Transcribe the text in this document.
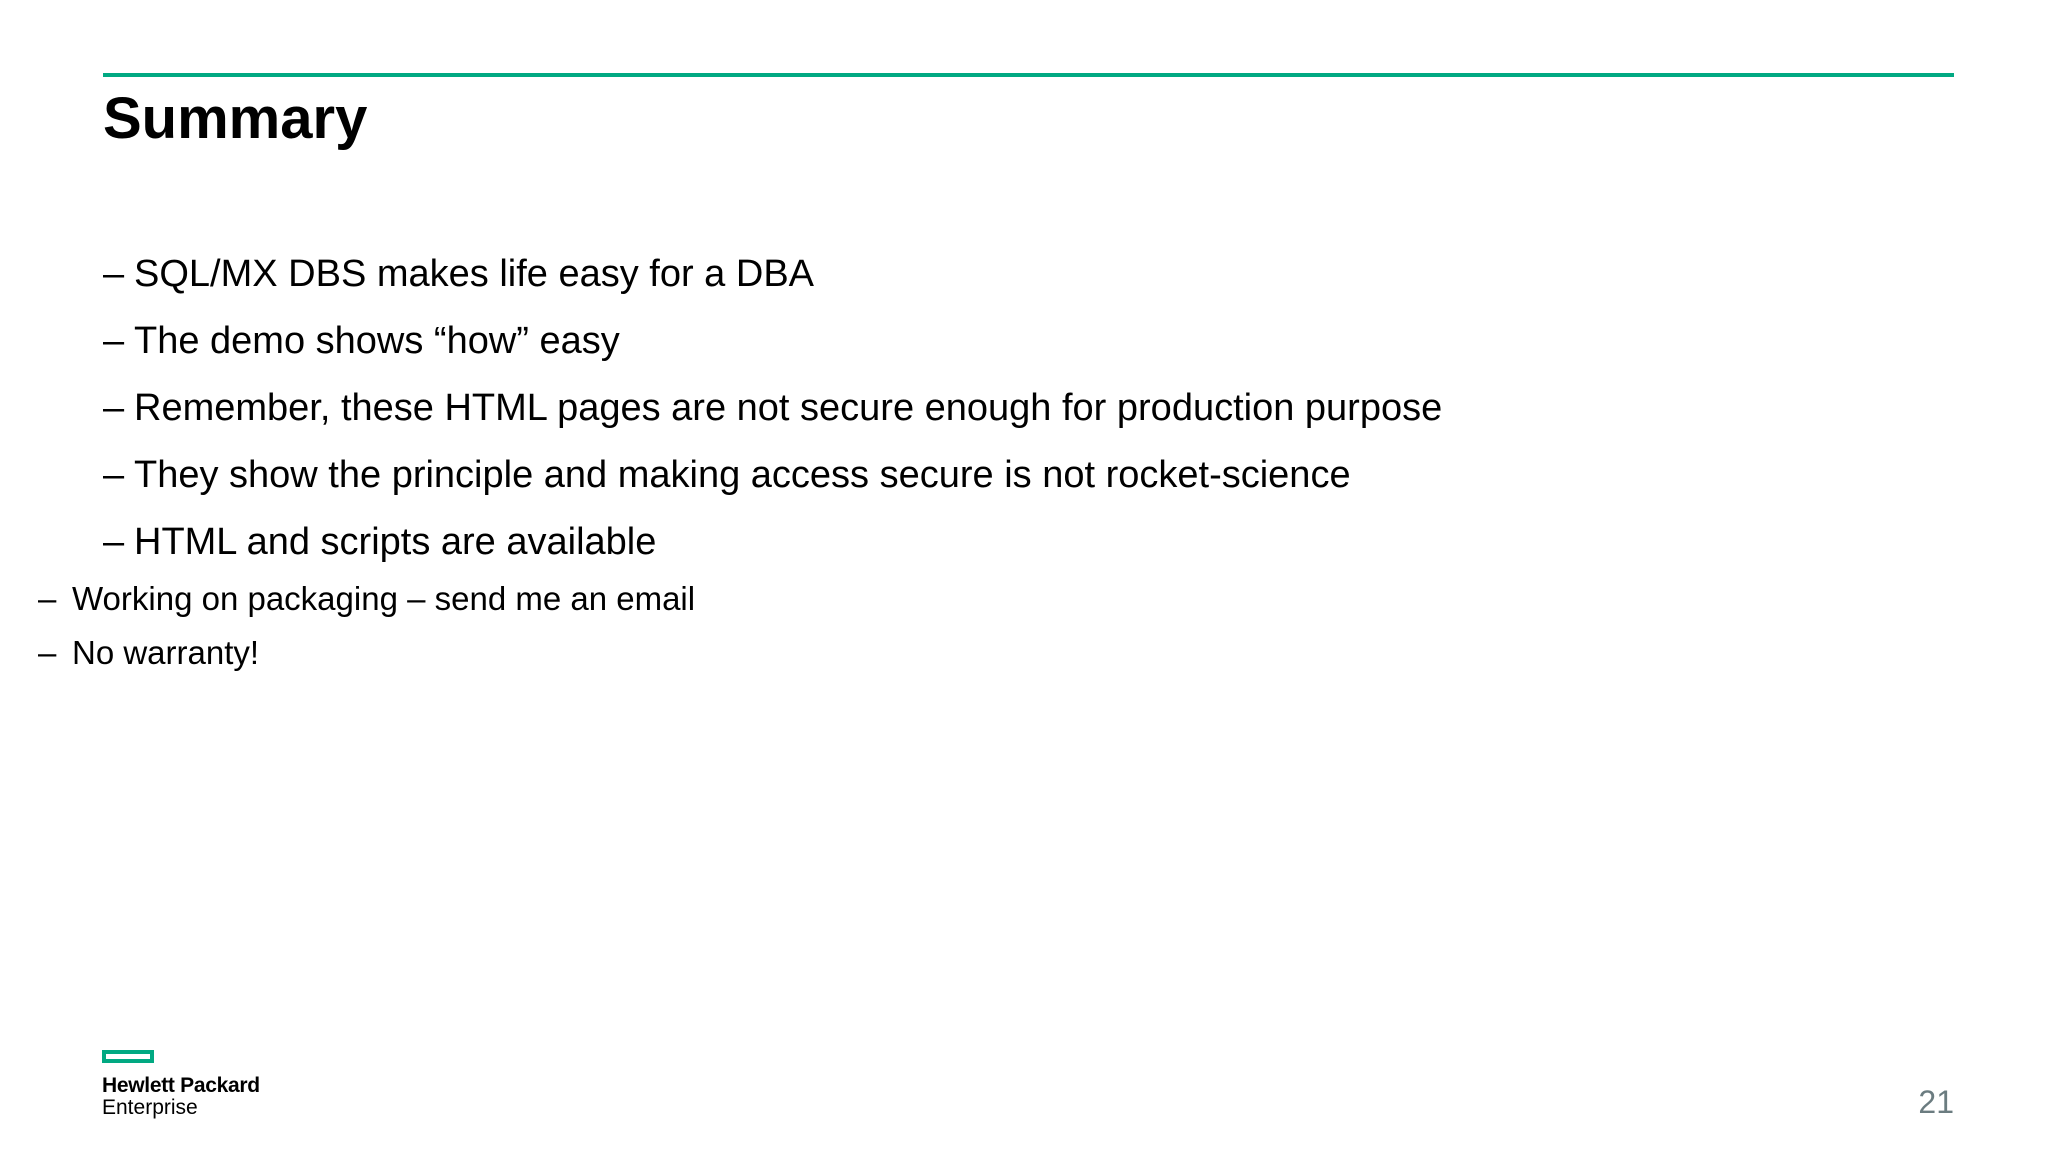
Summary
– SQL/MX DBS makes life easy for a DBA
– The demo shows “how” easy
– Remember, these HTML pages are not secure enough for production purpose
– They show the principle and making access secure is not rocket-science
– HTML and scripts are available
– Working on packaging – send me an email
– No warranty!
Hewlett Packard
Enterprise	21
